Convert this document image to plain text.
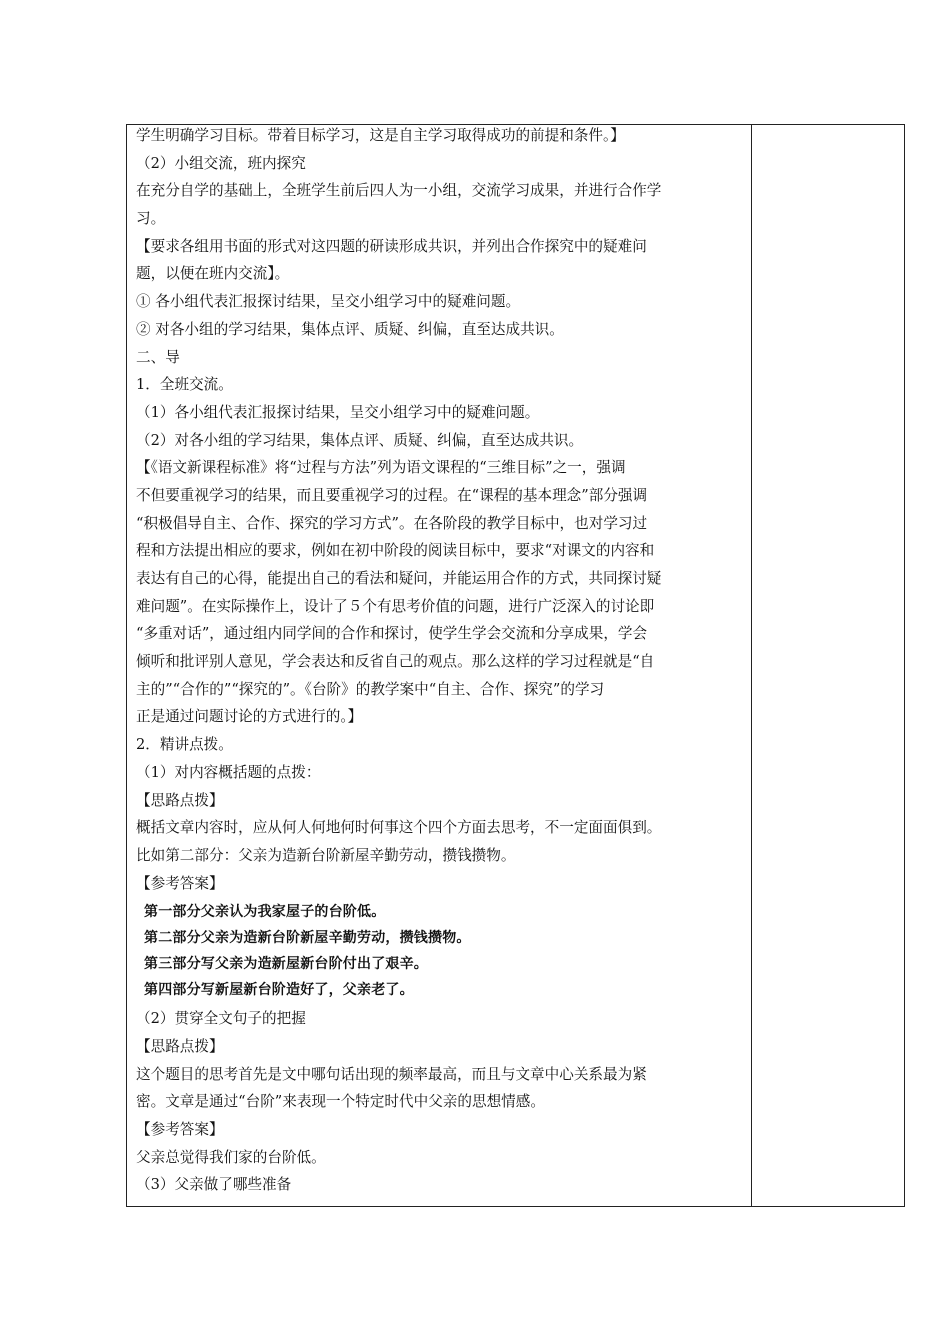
学生明确学习目标。带着目标学习，这是自主学习取得成功的前提和条件。】
（2）小组交流，班内探究
在充分自学的基础上，全班学生前后四人为一小组，交流学习成果，并进行合作学
习。
【要求各组用书面的形式对这四题的研读形成共识，并列出合作探究中的疑难问
题，以便在班内交流】。
① 各小组代表汇报探讨结果，呈交小组学习中的疑难问题。
② 对各小组的学习结果，集体点评、质疑、纠偏，直至达成共识。
二、导
1．全班交流。
（1）各小组代表汇报探讨结果，呈交小组学习中的疑难问题。
（2）对各小组的学习结果，集体点评、质疑、纠偏，直至达成共识。
【《语文新课程标准》将“过程与方法”列为语文课程的“三维目标”之一，强调
不但要重视学习的结果，而且要重视学习的过程。在“课程的基本理念”部分强调
“积极倡导自主、合作、探究的学习方式”。在各阶段的教学目标中，也对学习过
程和方法提出相应的要求，例如在初中阶段的阅读目标中，要求“对课文的内容和
表达有自己的心得，能提出自己的看法和疑问，并能运用合作的方式，共同探讨疑
难问题”。在实际操作上，设计了５个有思考价值的问题，进行广泛深入的讨论即
“多重对话”，通过组内同学间的合作和探讨，使学生学会交流和分享成果，学会
倾听和批评别人意见，学会表达和反省自己的观点。那么这样的学习过程就是“自
主的”“合作的”“探究的”。《台阶》的教学案中“自主、合作、探究”的学习
正是通过问题讨论的方式进行的。】
2．精讲点拨。
（1）对内容概括题的点拨：
【思路点拨】
概括文章内容时，应从何人何地何时何事这个四个方面去思考，不一定面面俱到。
比如第二部分：父亲为造新台阶新屋辛勤劳动，攒钱攒物。
【参考答案】
第一部分父亲认为我家屋子的台阶低。
第二部分父亲为造新台阶新屋辛勤劳动，攒钱攒物。
第三部分写父亲为造新屋新台阶付出了艰辛。
第四部分写新屋新台阶造好了，父亲老了。
（2）贯穿全文句子的把握
【思路点拨】
这个题目的思考首先是文中哪句话出现的频率最高，而且与文章中心关系最为紧
密。文章是通过“台阶”来表现一个特定时代中父亲的思想情感。
【参考答案】
父亲总觉得我们家的台阶低。
（3）父亲做了哪些准备
